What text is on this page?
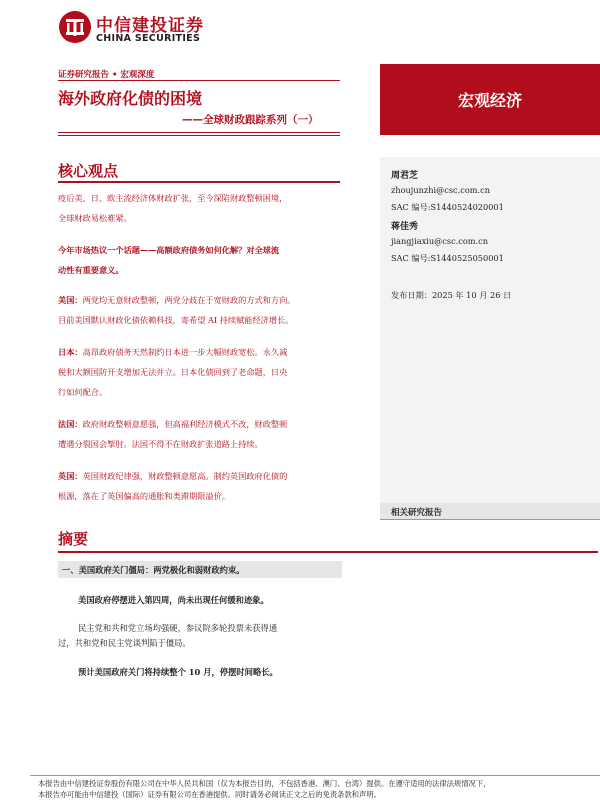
中信建投证券
CHINA SECURITIES
证券研究报告 • 宏观深度
海外政府化债的困境
——全球财政跟踪系列（一）
宏观经济
核心观点
疫后美、日、欧主流经济体财政扩张，至今深陷财政整顿困境，
全球财政易松难紧。
今年市场热议一个话题——高额政府债务如何化解？对全球流
动性有重要意义。
美国：两党均无意财政整顿，两党分歧在于宽财政的方式和方向。
目前美国默认财政化债依赖科技，寄希望 AI 持续赋能经济增长。
日本：高昂政府债务天然制约日本进一步大幅财政宽松。永久减
税和大额国防开支增加无法并立。日本化债回到了老命题，日央
行如何配合。
法国：政府财政整顿意愿强，但高福利经济模式不改，财政整顿
遭遇分裂国会掣肘。法国不得不在财政扩张道路上持续。
英国：英国财政纪律强，财政整顿意愿高。制约英国政府化债的
根源，落在了英国偏高的通胀和类滞期限溢价。
周君芝
zhoujunzhi@csc.com.cn
SAC 编号:S1440524020001
蒋佳秀
jiangjiaxiu@csc.com.cn
SAC 编号:S1440525050001
发布日期：2025 年 10 月 26 日
相关研究报告
摘要
一、美国政府关门僵局：两党极化和弱财政约束。
美国政府停摆进入第四周，尚未出现任何缓和迹象。
民主党和共和党立场均强硬，参议院多轮投票未获得通
过，共和党和民主党谈判陷于僵局。
预计美国政府关门将持续整个 10 月，停摆时间略长。
本报告由中信建投证券股份有限公司在中华人民共和国（仅为本报告目的，不包括香港、澳门、台湾）提供。在遵守适用的法律法规情况下，
本报告亦可能由中信建投（国际）证券有限公司在香港提供。同时请务必阅读正文之后的免责条款和声明。
